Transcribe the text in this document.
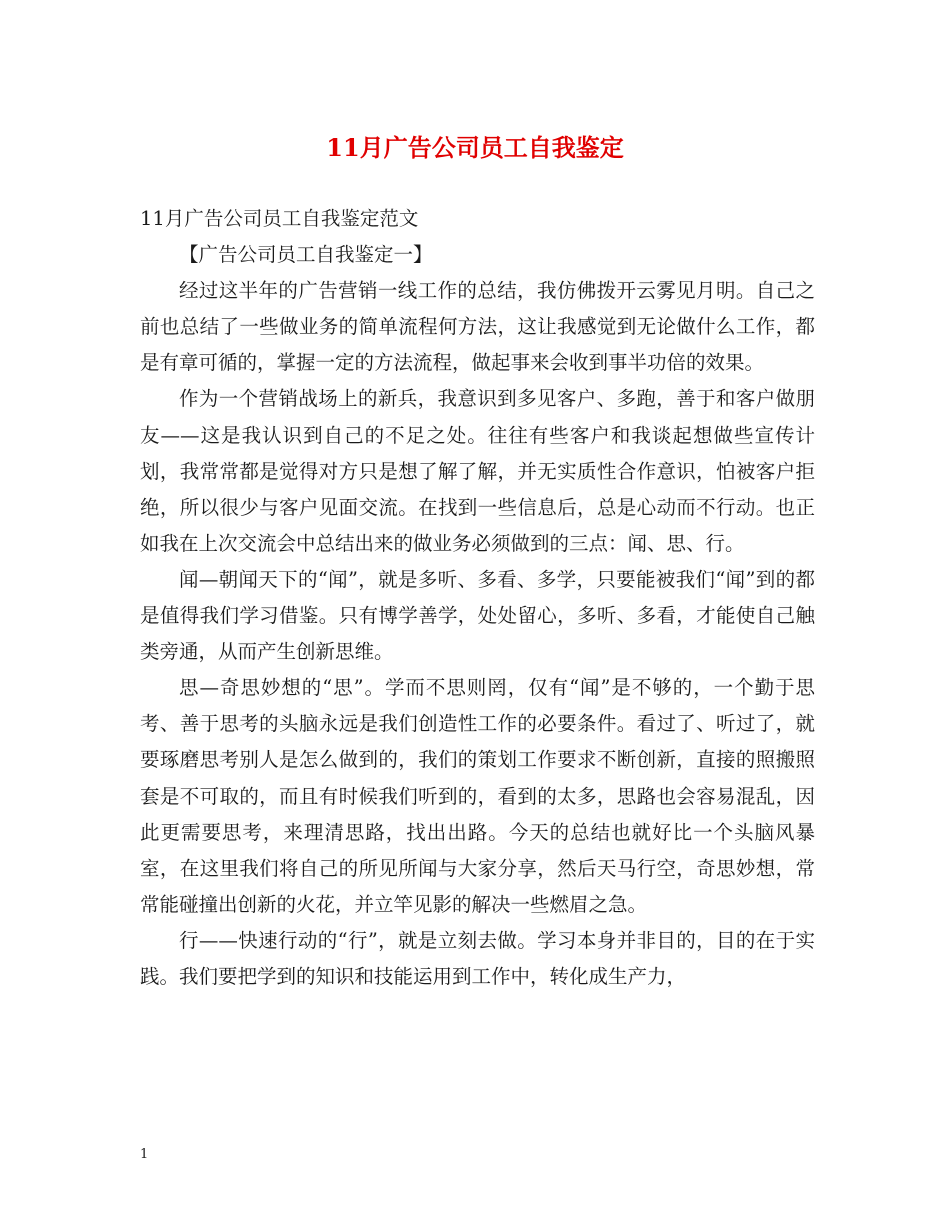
11月广告公司员工自我鉴定

11月广告公司员工自我鉴定范文

【广告公司员工自我鉴定一】

经过这半年的广告营销一线工作的总结，我仿佛拨开云雾见月明。自己之前也总结了一些做业务的简单流程何方法，这让我感觉到无论做什么工作，都是有章可循的，掌握一定的方法流程，做起事来会收到事半功倍的效果。

作为一个营销战场上的新兵，我意识到多见客户、多跑，善于和客户做朋友——这是我认识到自己的不足之处。往往有些客户和我谈起想做些宣传计划，我常常都是觉得对方只是想了解了解，并无实质性合作意识，怕被客户拒绝，所以很少与客户见面交流。在找到一些信息后，总是心动而不行动。也正如我在上次交流会中总结出来的做业务必须做到的三点：闻、思、行。

闻—朝闻天下的“闻”，就是多听、多看、多学，只要能被我们“闻”到的都是值得我们学习借鉴。只有博学善学，处处留心，多听、多看，才能使自己触类旁通，从而产生创新思维。

思—奇思妙想的“思”。学而不思则罔，仅有“闻”是不够的，一个勤于思考、善于思考的头脑永远是我们创造性工作的必要条件。看过了、听过了，就要琢磨思考别人是怎么做到的，我们的策划工作要求不断创新，直接的照搬照套是不可取的，而且有时候我们听到的，看到的太多，思路也会容易混乱，因此更需要思考，来理清思路，找出出路。今天的总结也就好比一个头脑风暴室，在这里我们将自己的所见所闻与大家分享，然后天马行空，奇思妙想，常常能碰撞出创新的火花，并立竿见影的解决一些燃眉之急。

行——快速行动的“行”，就是立刻去做。学习本身并非目的，目的在于实践。我们要把学到的知识和技能运用到工作中，转化成生产力，

1
